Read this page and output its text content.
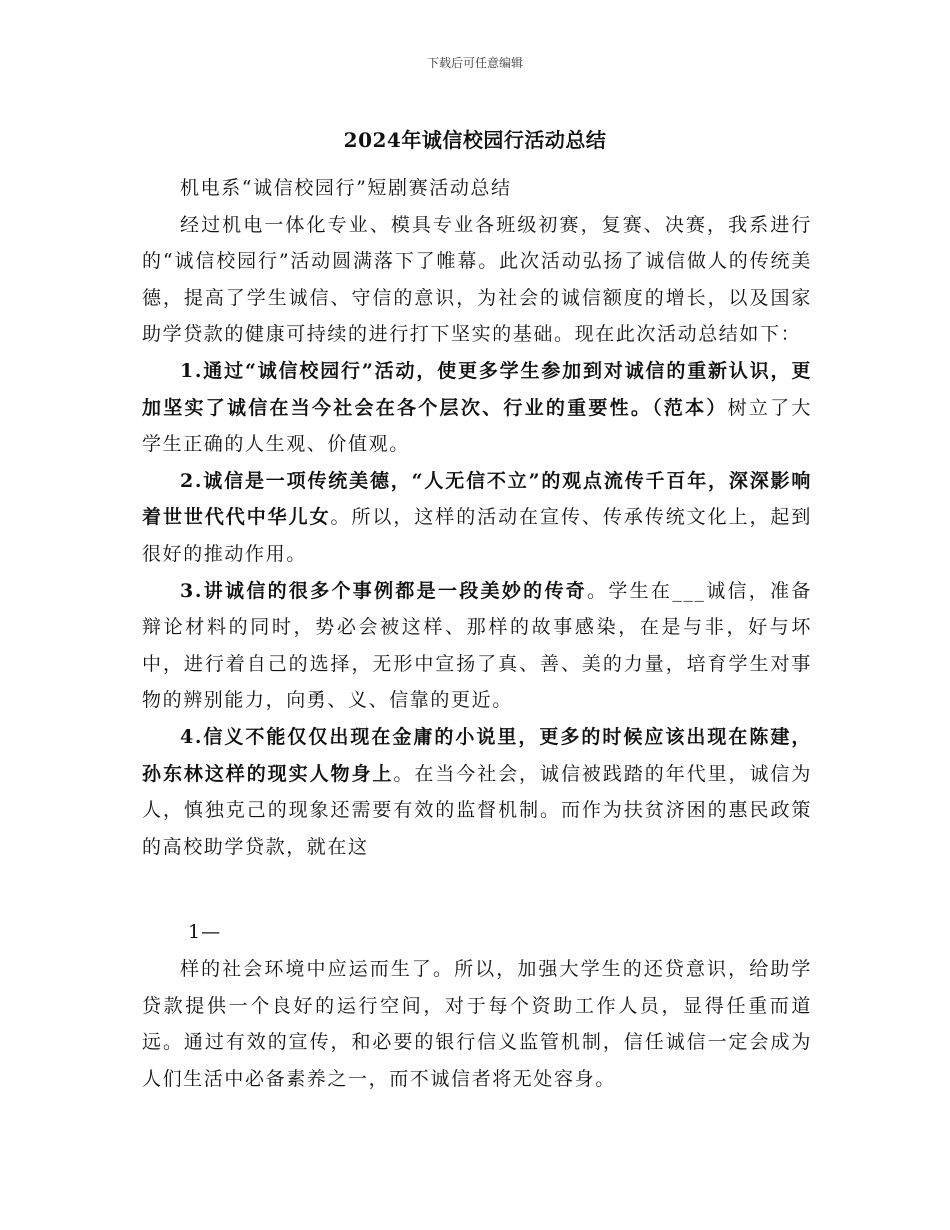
下载后可任意编辑
2024年诚信校园行活动总结

机电系“诚信校园行”短剧赛活动总结

经过机电一体化专业、模具专业各班级初赛，复赛、决赛，我系进行的“诚信校园行”活动圆满落下了帷幕。此次活动弘扬了诚信做人的传统美德，提高了学生诚信、守信的意识，为社会的诚信额度的增长，以及国家助学贷款的健康可持续的进行打下坚实的基础。现在此次活动总结如下：

1.通过“诚信校园行”活动，使更多学生参加到对诚信的重新认识，更加坚实了诚信在当今社会在各个层次、行业的重要性。（范本）树立了大学生正确的人生观、价值观。

2.诚信是一项传统美德，“人无信不立”的观点流传千百年，深深影响着世世代代中华儿女。所以，这样的活动在宣传、传承传统文化上，起到很好的推动作用。

3.讲诚信的很多个事例都是一段美妙的传奇。学生在___诚信，准备辩论材料的同时，势必会被这样、那样的故事感染，在是与非，好与坏中，进行着自己的选择，无形中宣扬了真、善、美的力量，培育学生对事物的辨别能力，向勇、义、信靠的更近。

4.信义不能仅仅出现在金庸的小说里，更多的时候应该出现在陈建，孙东林这样的现实人物身上。在当今社会，诚信被践踏的年代里，诚信为人，慎独克己的现象还需要有效的监督机制。而作为扶贫济困的惠民政策的高校助学贷款，就在这

1—

样的社会环境中应运而生了。所以，加强大学生的还贷意识，给助学贷款提供一个良好的运行空间，对于每个资助工作人员，显得任重而道远。通过有效的宣传，和必要的银行信义监管机制，信任诚信一定会成为人们生活中必备素养之一，而不诚信者将无处容身。
